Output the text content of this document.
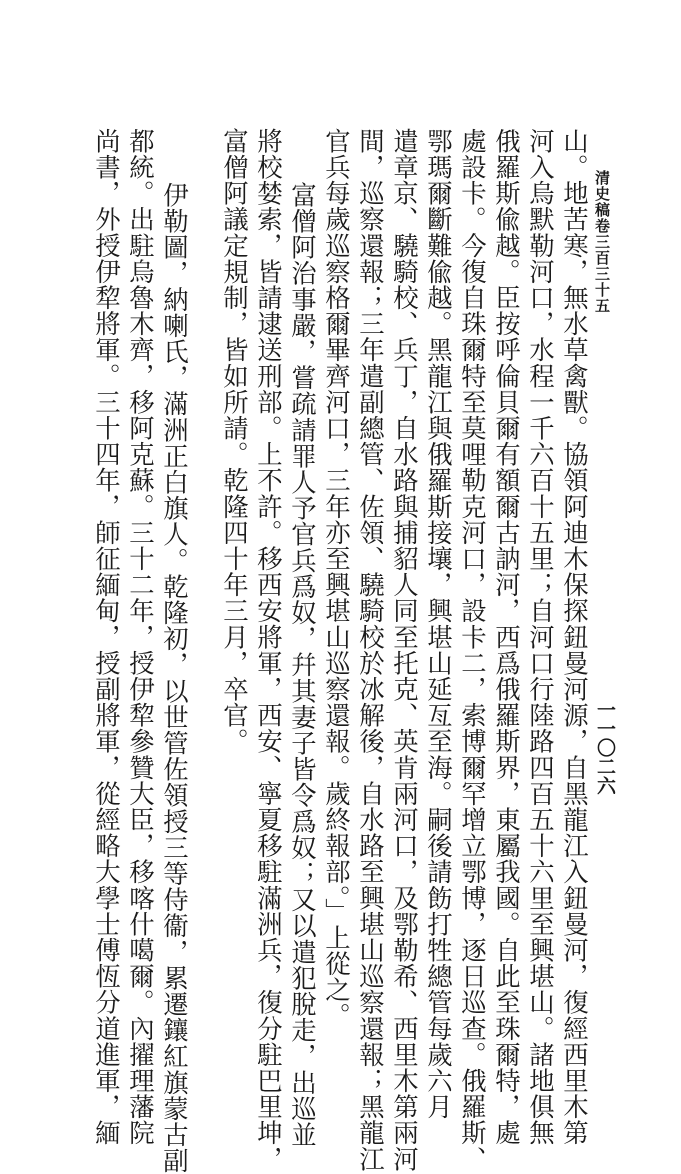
清史稿卷三百三十五
一一〇二六
山。地苦寒，無水草禽獸。協領阿迪木保探鈕曼河源，自黑龍江入鈕曼河，復經西里木第
河入烏默勒河口，水程一千六百十五里；自河口行陸路四百五十六里至興堪山。諸地俱無
俄羅斯偸越。臣按呼倫貝爾有額爾古訥河，西爲俄羅斯界，東屬我國。自此至珠爾特，處
處設卡。今復自珠爾特至莫哩勒克河口，設卡二，索博爾罕增立鄂博，逐日巡查。俄羅斯、
鄂瑪爾斷難偸越。黑龍江與俄羅斯接壤，興堪山延亙至海。嗣後請飭打牲總管每歲六月
遣章京、驍騎校、兵丁，自水路與捕貂人同至托克、英肯兩河口，及鄂勒希、西里木第兩河
間，巡察還報；三年遣副總管、佐領、驍騎校於冰解後，自水路至興堪山巡察還報；黑龍江
官兵每歲巡察格爾畢齊河口，三年亦至興堪山巡察還報。歲終報部。」上從之。
富僧阿治事嚴，嘗疏請罪人予官兵爲奴，幷其妻子皆令爲奴；又以遣犯脫走，出巡並
將校婪索，皆請逮送刑部。上不許。移西安將軍，西安、寧夏移駐滿洲兵，復分駐巴里坤，
富僧阿議定規制，皆如所請。乾隆四十年三月，卒官。
伊勒圖，納喇氏，滿洲正白旗人。乾隆初，以世管佐領授三等侍衞，累遷鑲紅旗蒙古副
都統。出駐烏魯木齊，移阿克蘇。三十二年，授伊犂參贊大臣，移喀什噶爾。內擢理藩院
尚書，外授伊犂將軍。三十四年，師征緬甸，授副將軍，從經略大學士傅恆分道進軍，緬
